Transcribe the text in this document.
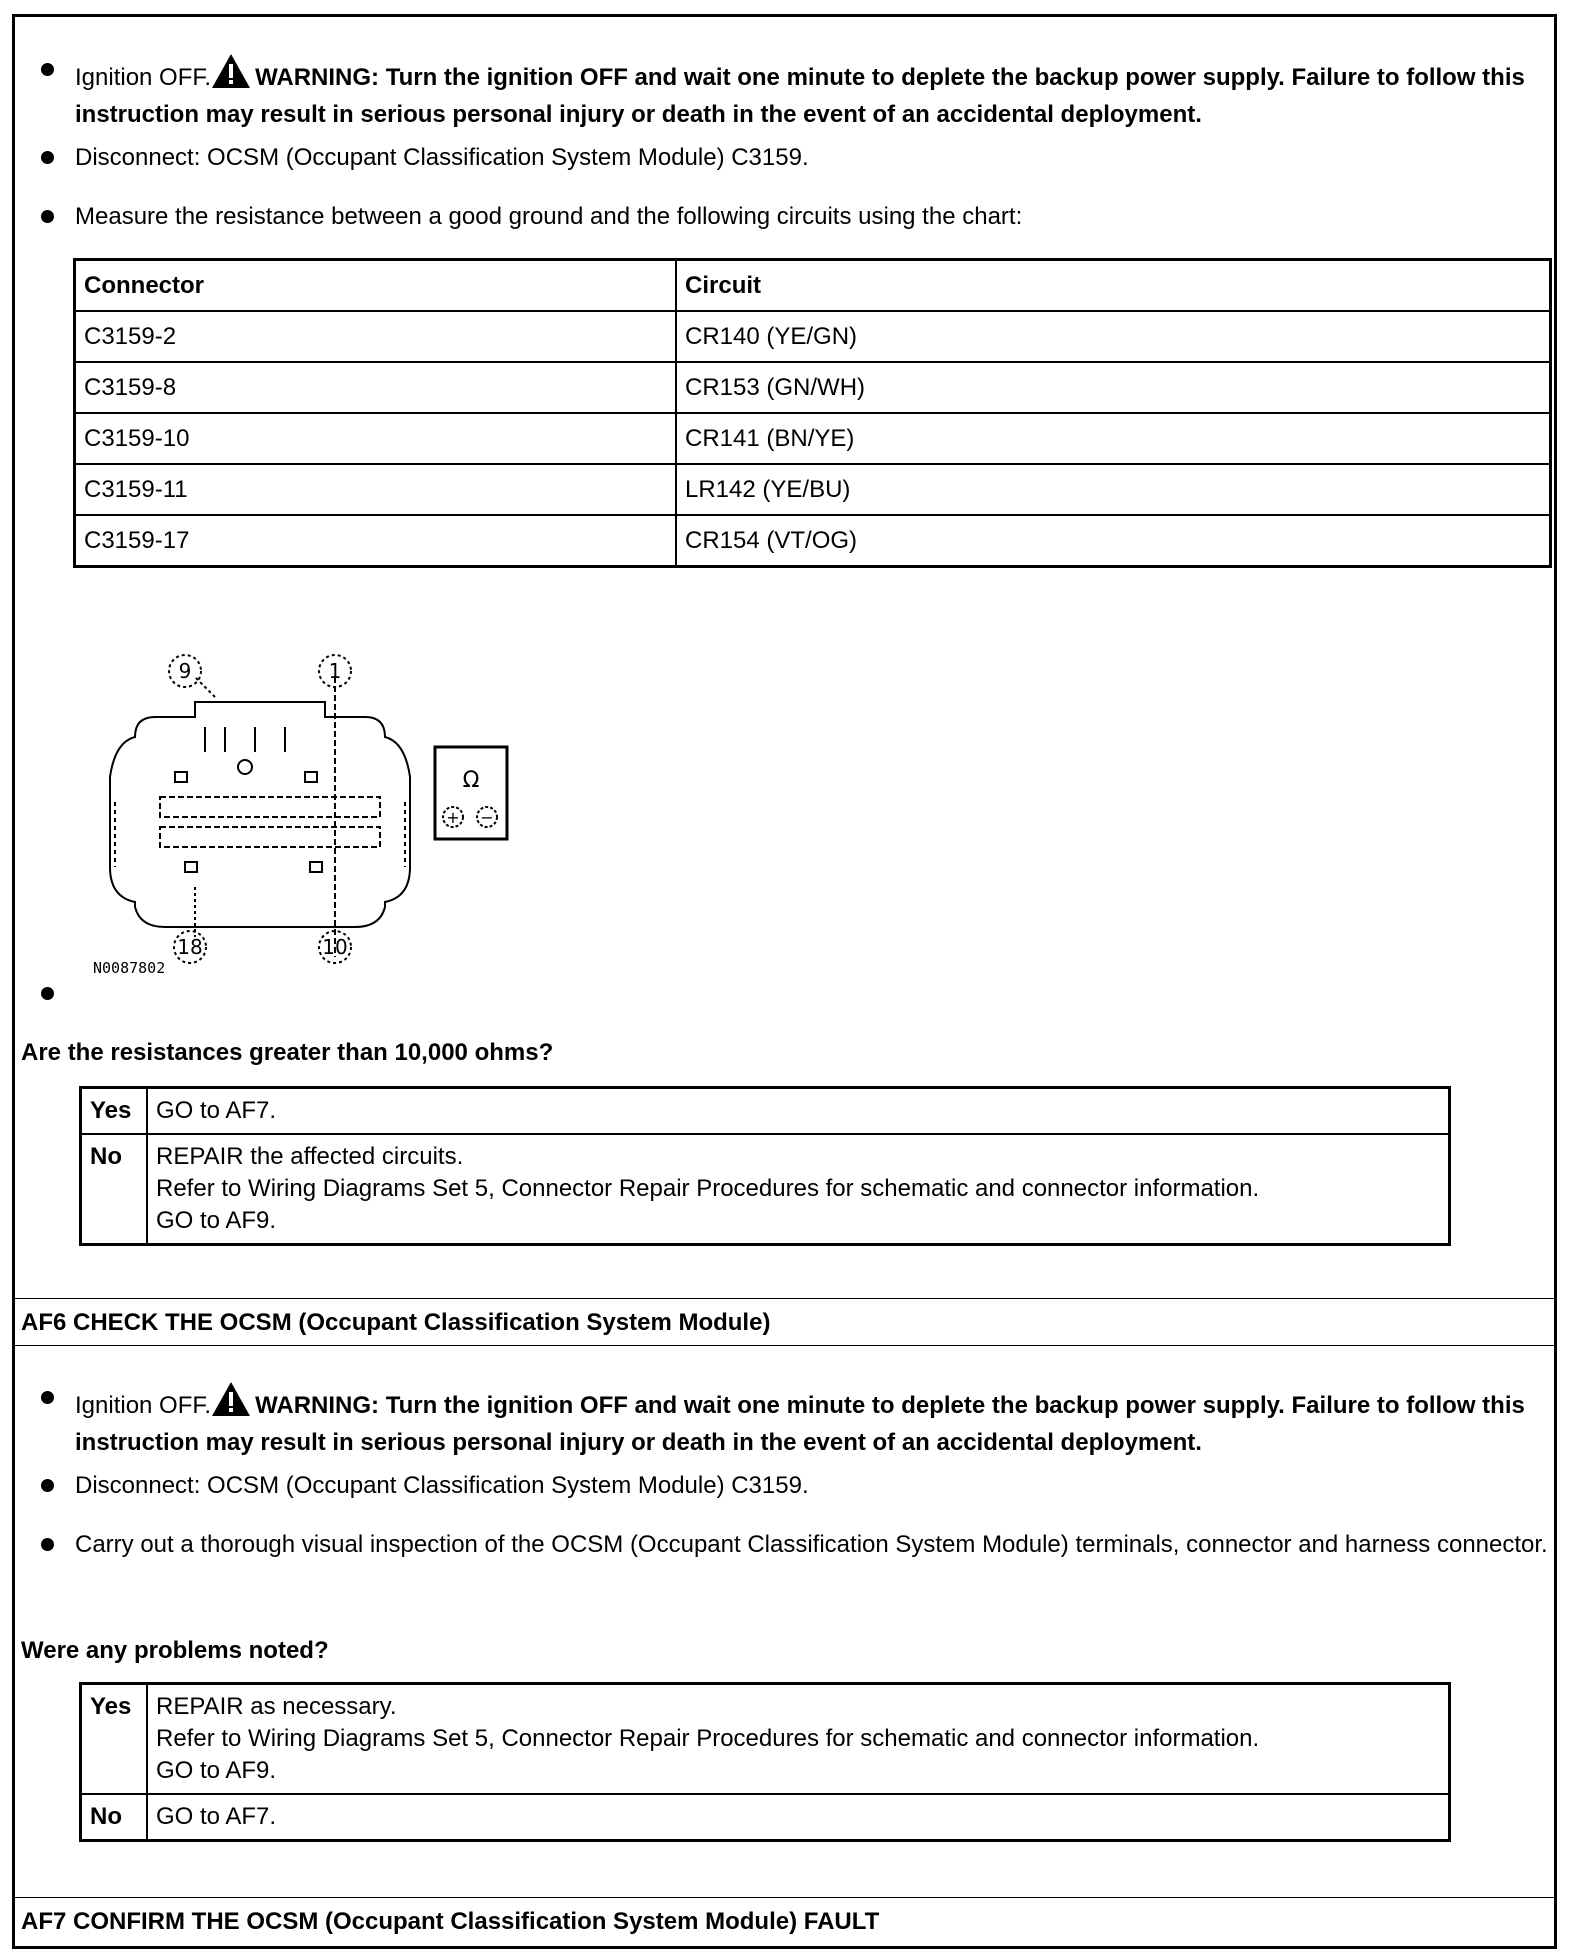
Ignition OFF. WARNING: Turn the ignition OFF and wait one minute to deplete the backup power supply. Failure to follow this instruction may result in serious personal injury or death in the event of an accidental deployment.
Disconnect: OCSM (Occupant Classification System Module) C3159.
Measure the resistance between a good ground and the following circuits using the chart:
Connector	Circuit
C3159-2	CR140 (YE/GN)
C3159-8	CR153 (GN/WH)
C3159-10	CR141 (BN/YE)
C3159-11	LR142 (YE/BU)
C3159-17	CR154 (VT/OG)
9	1
18	10
Ω
+ −
N0087802
Are the resistances greater than 10,000 ohms?
Yes	GO to AF7.

No	REPAIR the affected circuits.
Refer to Wiring Diagrams Set 5, Connector Repair Procedures for schematic and connector information.
GO to AF9.
AF6 CHECK THE OCSM (Occupant Classification System Module)
Ignition OFF. WARNING: Turn the ignition OFF and wait one minute to deplete the backup power supply. Failure to follow this instruction may result in serious personal injury or death in the event of an accidental deployment.
Disconnect: OCSM (Occupant Classification System Module) C3159.
Carry out a thorough visual inspection of the OCSM (Occupant Classification System Module) terminals, connector and harness connector.
Were any problems noted?
Yes	REPAIR as necessary.
Refer to Wiring Diagrams Set 5, Connector Repair Procedures for schematic and connector information.
GO to AF9.

No	GO to AF7.
AF7 CONFIRM THE OCSM (Occupant Classification System Module) FAULT
